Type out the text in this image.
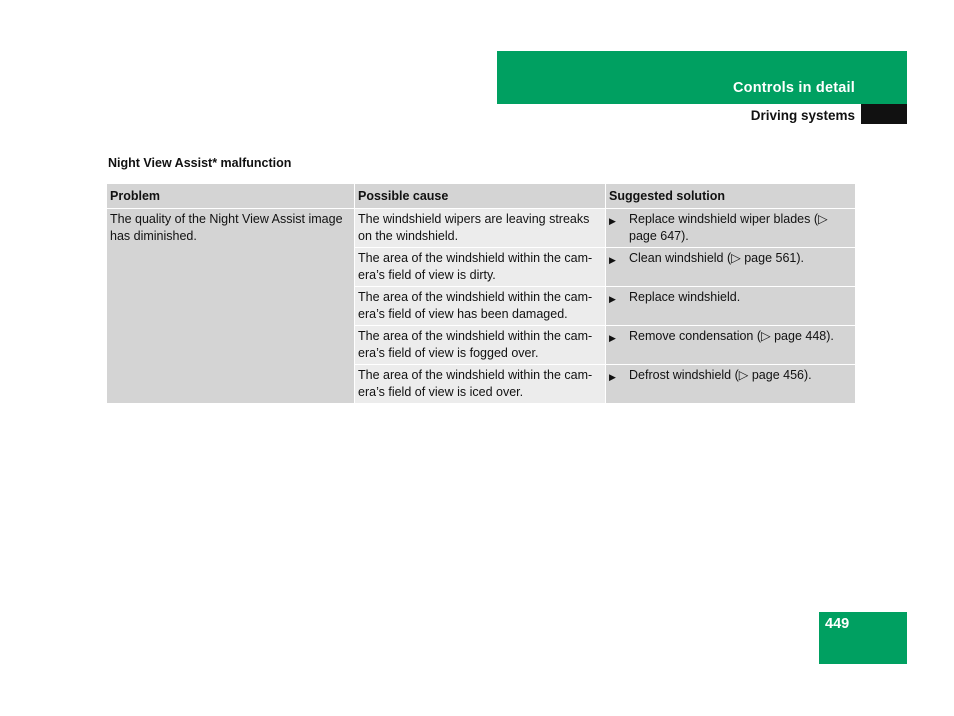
Controls in detail
Driving systems
Night View Assist* malfunction
Problem	Possible cause	Suggested solution
The quality of the Night View Assist image has diminished.	The windshield wipers are leaving streaks on the windshield.	▶ Replace windshield wiper blades (▷ page 647).

	The area of the windshield within the cam-era’s field of view is dirty.	▶ Clean windshield (▷ page 561).

	The area of the windshield within the cam-era’s field of view has been damaged.	▶ Replace windshield.

	The area of the windshield within the cam-era’s field of view is fogged over.	▶ Remove condensation (▷ page 448).

	The area of the windshield within the cam-era’s field of view is iced over.	▶ Defrost windshield (▷ page 456).
449
